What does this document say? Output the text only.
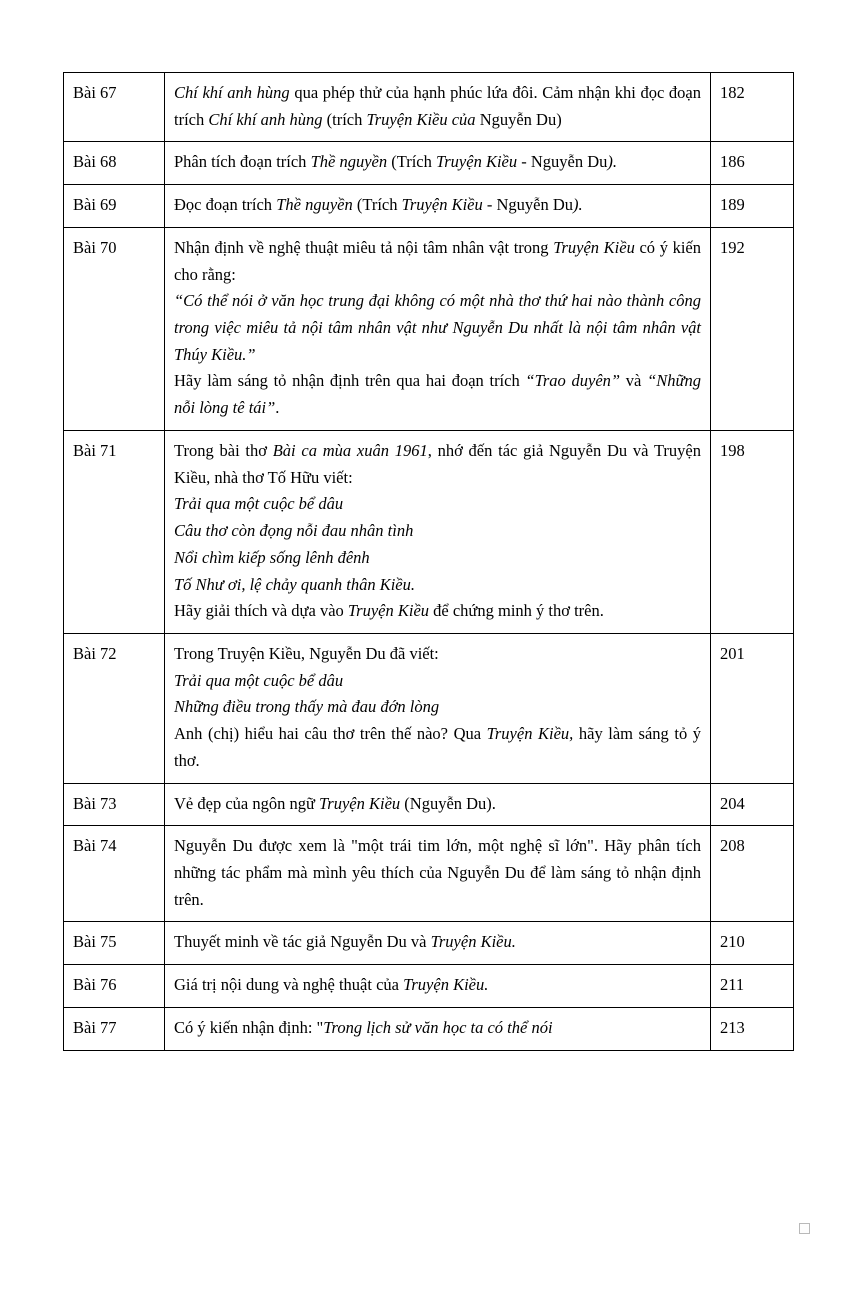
Bài 67	Chí khí anh hùng qua phép thử của hạnh phúc lứa đôi. Cảm nhận khi đọc đoạn trích Chí khí anh hùng (trích Truyện Kiều của Nguyễn Du)	182
Bài 68	Phân tích đoạn trích Thề nguyền (Trích Truyện Kiều - Nguyễn Du).	186
Bài 69	Đọc đoạn trích Thề nguyền (Trích Truyện Kiều - Nguyễn Du).	189
Bài 70	Nhận định về nghệ thuật miêu tả nội tâm nhân vật trong Truyện Kiều có ý kiến cho rằng:
“Có thể nói ở văn học trung đại không có một nhà thơ thứ hai nào thành công trong việc miêu tả nội tâm nhân vật như Nguyễn Du nhất là nội tâm nhân vật Thúy Kiều.”
Hãy làm sáng tỏ nhận định trên qua hai đoạn trích “Trao duyên” và “Những nỗi lòng tê tái”.	192
Bài 71	Trong bài thơ Bài ca mùa xuân 1961, nhớ đến tác giả Nguyễn Du và Truyện Kiều, nhà thơ Tố Hữu viết:
Trải qua một cuộc bể dâu
Câu thơ còn đọng nỗi đau nhân tình
Nổi chìm kiếp sống lênh đênh
Tố Như ơi, lệ chảy quanh thân Kiều.
Hãy giải thích và dựa vào Truyện Kiều để chứng minh ý thơ trên.
	198
Bài 72	Trong Truyện Kiều, Nguyễn Du đã viết:
Trải qua một cuộc bể dâu
Những điều trong thấy mà đau đớn lòng
Anh (chị) hiểu hai câu thơ trên thế nào? Qua Truyện Kiều, hãy làm sáng tỏ ý thơ.	201
Bài 73	Vẻ đẹp của ngôn ngữ Truyện Kiều (Nguyễn Du).	204
Bài 74	Nguyễn Du được xem là "một trái tim lớn, một nghệ sĩ lớn". Hãy phân tích những tác phẩm mà mình yêu thích của Nguyễn Du để làm sáng tỏ nhận định trên.	208
Bài 75	Thuyết minh về tác giả Nguyễn Du và Truyện Kiều.	210
Bài 76	Giá trị nội dung và nghệ thuật của Truyện Kiều.	211
Bài 77	Có ý kiến nhận định: "Trong lịch sử văn học ta có thể nói	213
